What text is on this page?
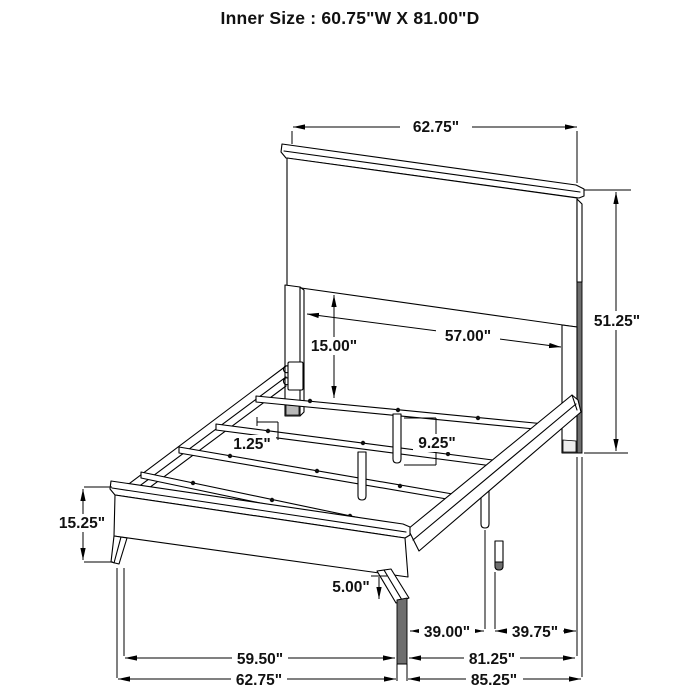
Inner Size : 60.75"W X 81.00"D
62.75"
51.25"
57.00"
15.00"
1.25"	9.25"
15.25"
5.00"
39.00"	39.75"
59.50"	81.25"
62.75"	85.25"
